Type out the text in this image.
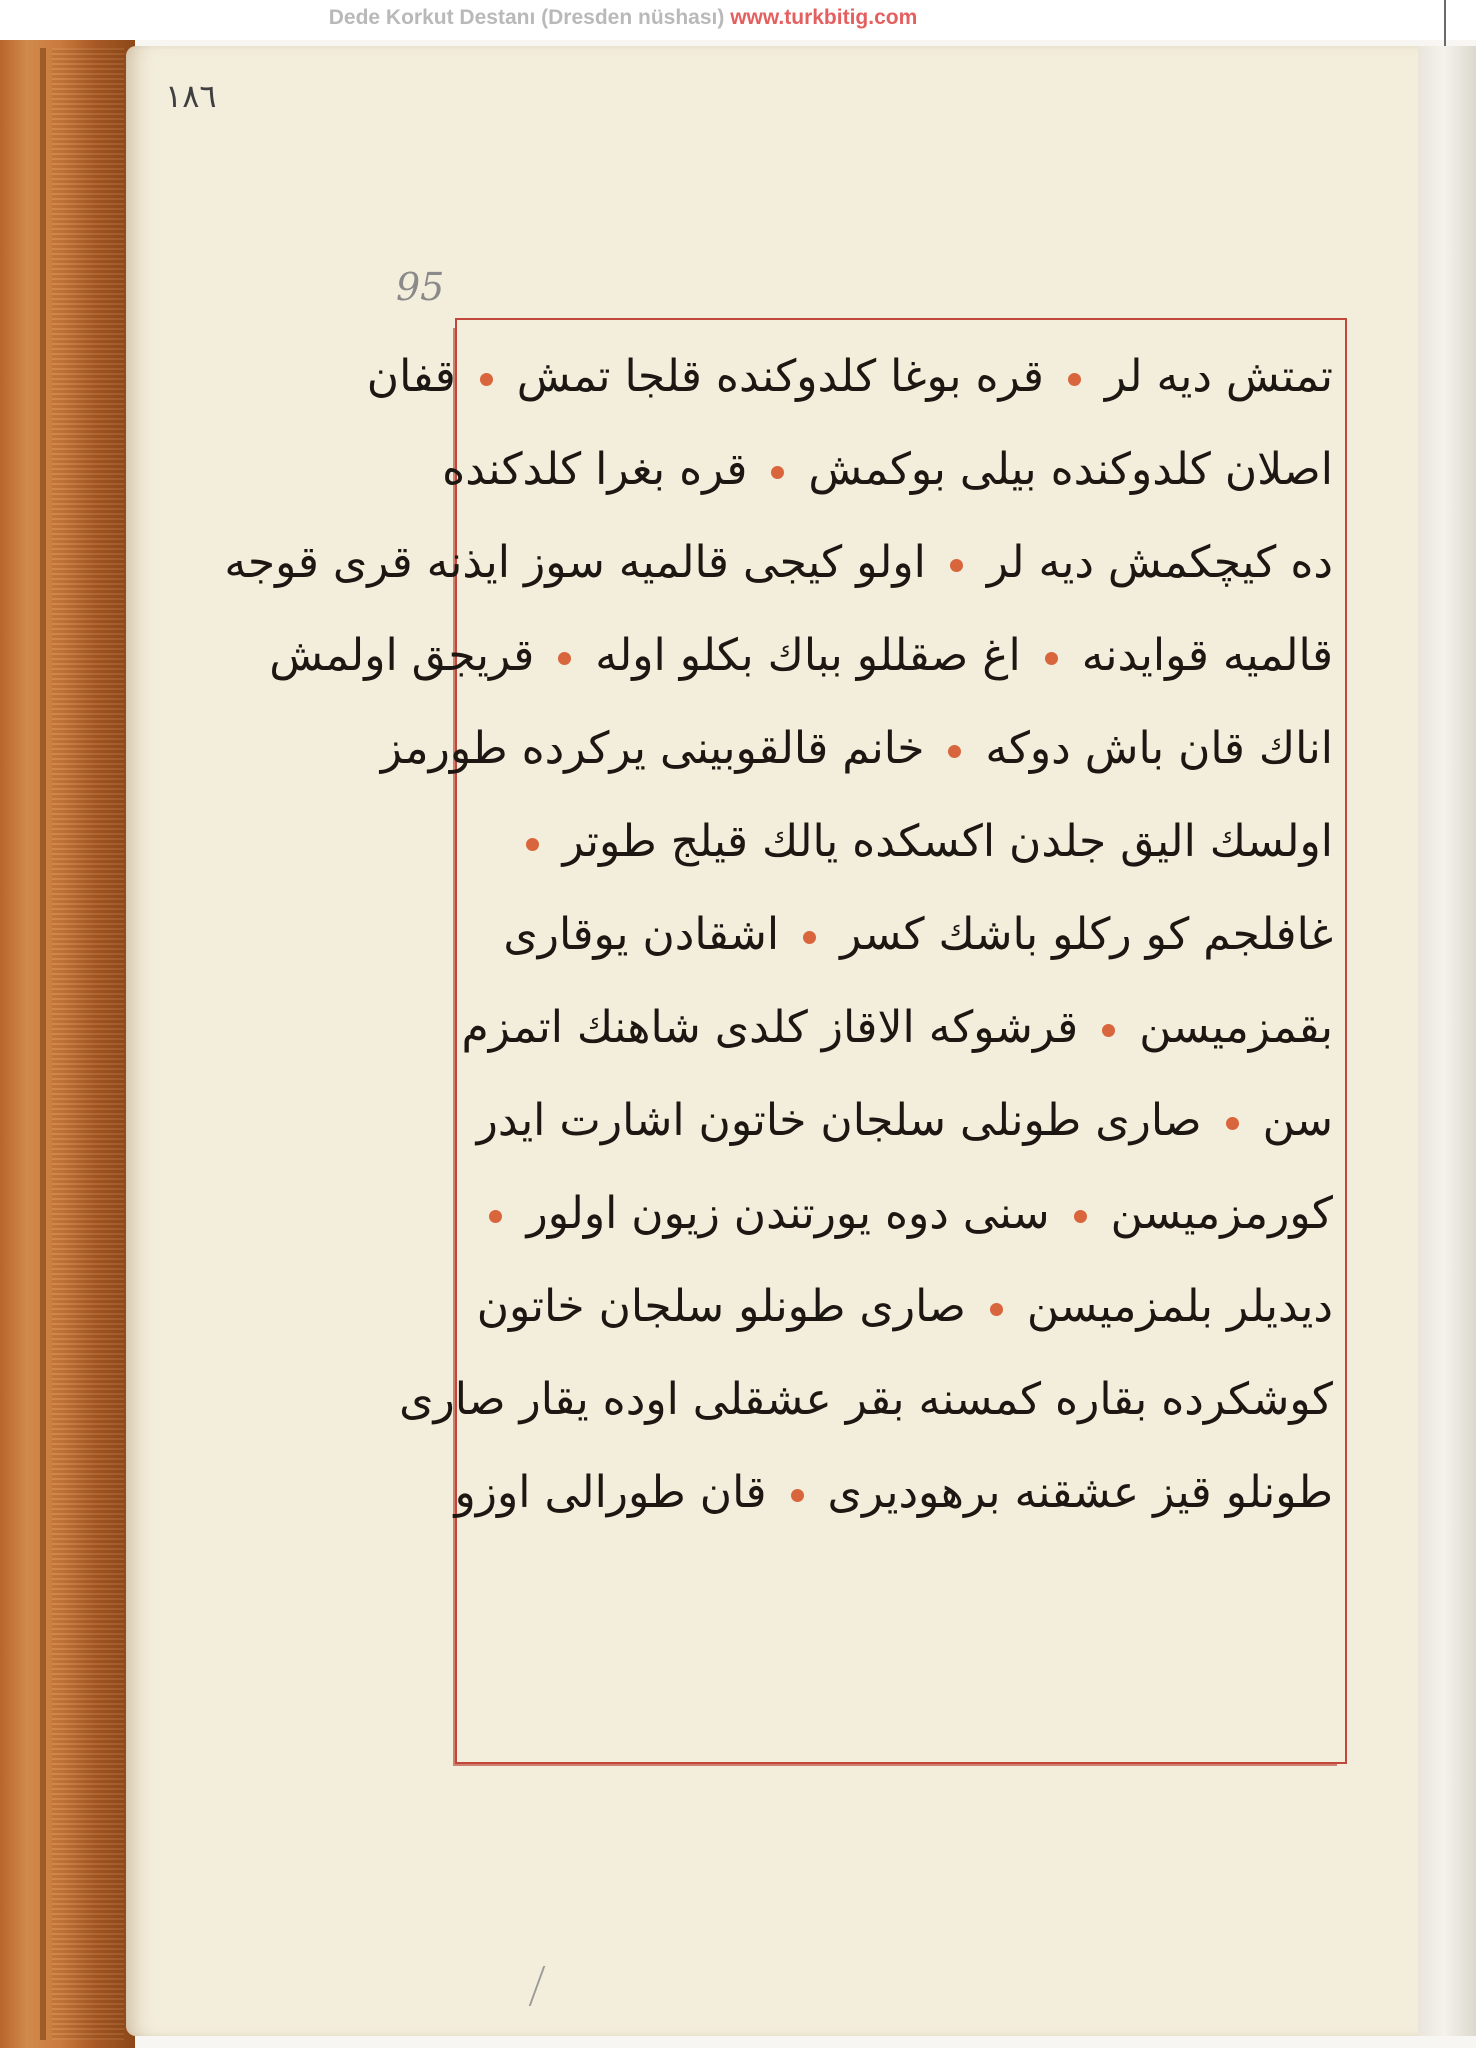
Dede Korkut Destanı (Dresden nüshası) www.turkbitig.com
١٨٦
95
تمتش دیه لر  قره بوغا کلدوکنده قلجا تمش  قفان
اصلان کلدوکنده بیلی بوکمش  قره بغرا کلدکنده
ده کیچکمش دیه لر  اولو کیجی قالمیه سوز ایذنه قری قوجه
قالمیه قوایدنه  اغ صقللو بباك بکلو اوله  قریجق اولمش
اناك قان باش دوکه  خانم قالقوبینی یرکرده طورمز
اولسك الیق جلدن اکسکده یالك قیلج طوتر
غافلجم کو رکلو باشك کسر  اشقادن یوقاری
بقمزمیسن  قرشوکه الاقاز کلدی شاهنك اتمزم
سن  صاری طونلی سلجان خاتون اشارت ایدر
کورمزمیسن  سنی دوه یورتندن زیون اولور
دیدیلر بلمزمیسن  صاری طونلو سلجان خاتون
کوشکرده بقاره کمسنه بقر عشقلی اوده یقار صاری
طونلو قیز عشقنه برهودیری  قان طورالی اوزو
